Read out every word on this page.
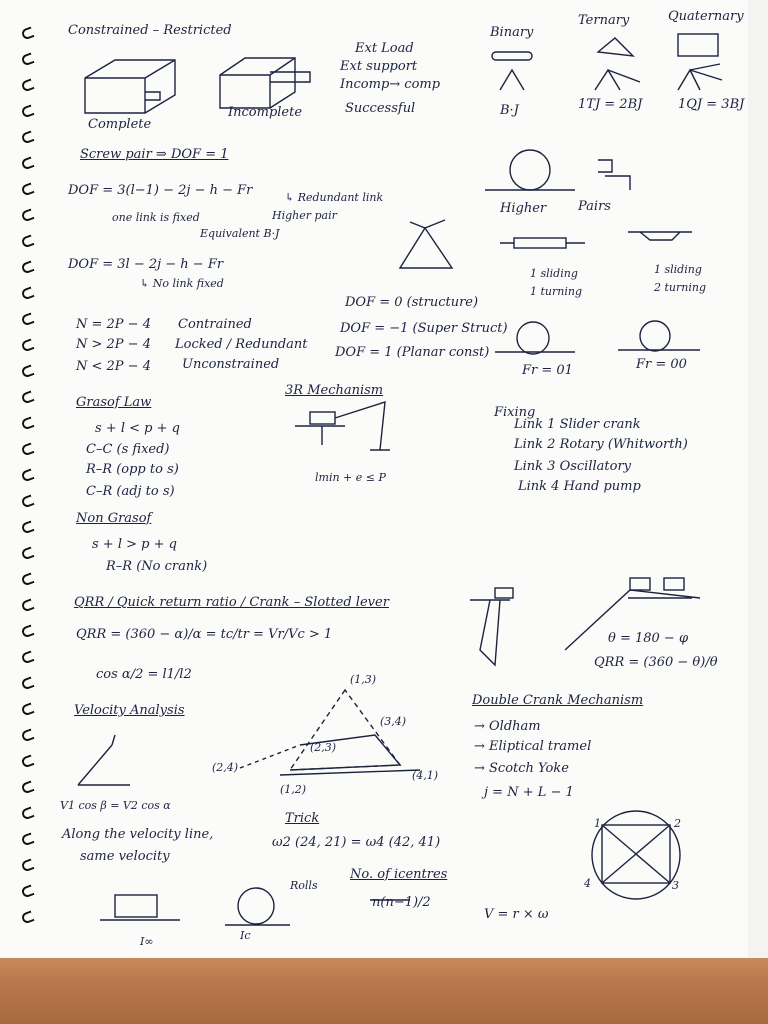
Constrained – Restricted
Complete
Incomplete
Ext Load
Ext support
Incomp→ comp
Successful
Binary
Ternary	Quaternary
B·J	1TJ = 2BJ	1QJ = 3BJ
Screw pair ⇒ DOF = 1
DOF = 3(l−1) − 2j − h − Fr	↳ Redundant link
Higher pair
one link is fixed
Equivalent B·J
DOF = 3l − 2j − h − Fr
↳ No link fixed
Higher Pairs
1 sliding
1 turning
1 sliding
2 turning
N = 2P − 4
N > 2P − 4
N < 2P − 4
Contrained
Locked / Redundant
Unconstrained
DOF = 0 (structure)
DOF = −1 (Super Struct)
DOF = 1 (Planar const)
Fr = 01	Fr = 00
Grasof Law
s + l < p + q
C–C (s fixed)
R–R (opp to s)
C–R (adj to s)
3R Mechanism
lmin + e ≤ P
Fixing
Link 1 Slider crank
Link 2 Rotary (Whitworth)
Link 3 Oscillatory
Link 4 Hand pump
Non Grasof
s + l > p + q
R–R (No crank)
QRR / Quick return ratio / Crank – Slotted lever
QRR = (360 − α)/α = tc/tr = Vr/Vc > 1
cos α/2 = l1/l2
θ = 180 − φ
QRR = (360 − θ)/θ
Velocity Analysis
V1 cos β = V2 cos α
Along the velocity line,
same velocity
(1,3)
(3,4)
(2,3)
(2,4)
(1,2)
(4,1)
Double Crank Mechanism
→ Oldham
→ Eliptical tramel
→ Scotch Yoke
j = N + L − 1
Trick
ω2 (24, 21) = ω4 (42, 41)
Rolls
No. of icentres
n(n−1)/2
I∞	Ic
V = r × ω
1	2
3
4
